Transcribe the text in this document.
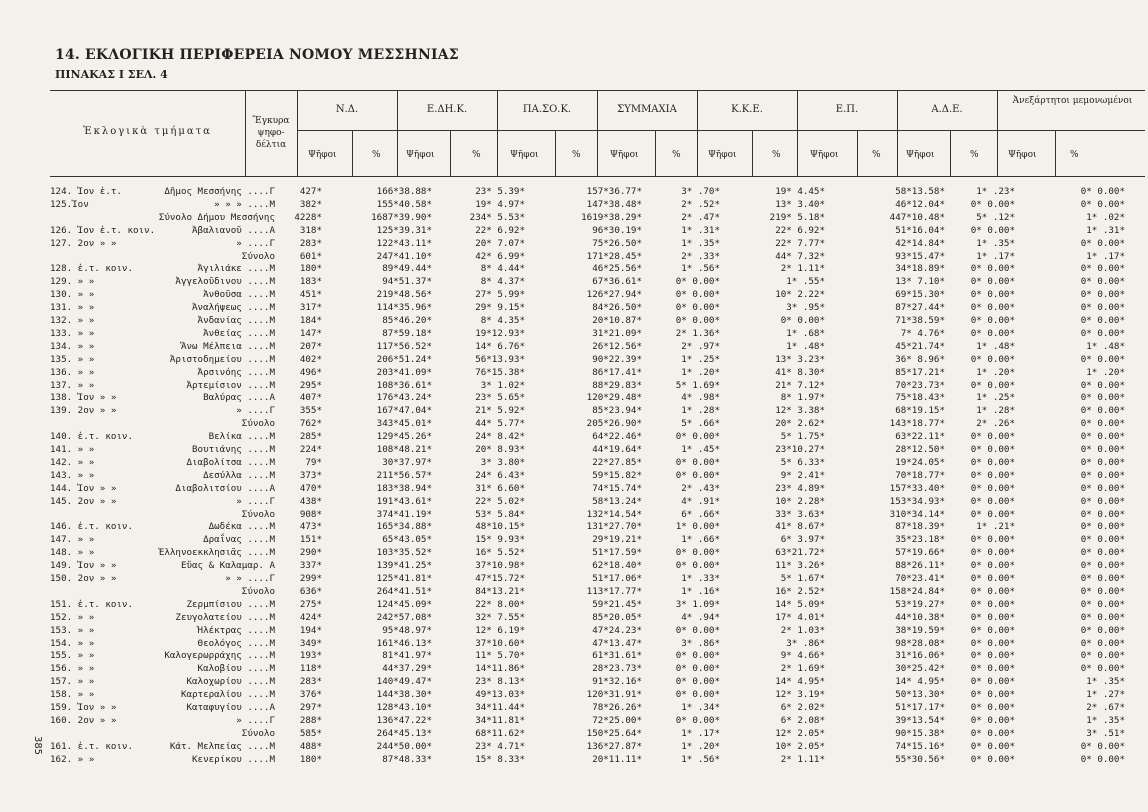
14. ΕΚΛΟΓΙΚΗ ΠΕΡΙΦΕΡΕΙΑ ΝΟΜΟΥ ΜΕΣΣΗΝΙΑΣ
ΠΙΝΑΚΑΣ Ι ΣΕΛ. 4
Ἐκλογικὰ τμήματα
Ἔγκυρα ψηφο- δέλτια
Ν.Δ.	Ε.ΔΗ.Κ.	ΠΑ.ΣΟ.Κ.	ΣΥΜΜΑΧΙΑ	Κ.Κ.Ε.	Ε.Π.	Α.Δ.Ε.
Ἀνεξάρτητοι μεμονωμένοι
Ψῆφοι	%	Ψῆφοι	%	Ψῆφοι	%	Ψῆφοι	%	Ψῆφοι	%	Ψῆφοι	%	Ψῆφοι	%	Ψῆφοι	%
124. Ἰον ἐ.τ.	Δῆμος Μεσσήνης ....Γ	427*	166*38.88*	23* 5.39*	157*36.77*	3* .70*	19* 4.45*	58*13.58*	1* .23*	0* 0.00*
125.Ἰον	» » » ....Μ	382*	155*40.58*	19* 4.97*	147*38.48*	2* .52*	13* 3.40*	46*12.04*	0* 0.00*	0* 0.00*
Σύνολο Δήμου Μεσσήνης	4228*	1687*39.90*	234* 5.53*	1619*38.29*	2* .47*	219* 5.18*	447*10.48*	5* .12*	1* .02*
126. Ἰον ἐ.τ. κοιν.	Ἀβαλιανοῦ ....Α	318*	125*39.31*	22* 6.92*	96*30.19*	1* .31*	22* 6.92*	51*16.04*	0* 0.00*	1* .31*
127. 2ον » »	» ....Γ	283*	122*43.11*	20* 7.07*	75*26.50*	1* .35*	22* 7.77*	42*14.84*	1* .35*	0* 0.00*
Σύνολο	601*	247*41.10*	42* 6.99*	171*28.45*	2* .33*	44* 7.32*	93*15.47*	1* .17*	1* .17*
128. ἐ.τ. κοιν.	Ἀγιλιάκε ....Μ	180*	89*49.44*	8* 4.44*	46*25.56*	1* .56*	2* 1.11*	34*18.89*	0* 0.00*	0* 0.00*
129. » »	Ἀγγελοῦδινου ....Μ	183*	94*51.37*	8* 4.37*	67*36.61*	0* 0.00*	1* .55*	13* 7.10*	0* 0.00*	0* 0.00*
130. » »	Ἀνθοῦσα ....Μ	451*	219*48.56*	27* 5.99*	126*27.94*	0* 0.00*	10* 2.22*	69*15.30*	0* 0.00*	0* 0.00*
131. » »	Ἀναλήψεως ....Μ	317*	114*35.96*	29* 9.15*	84*26.50*	0* 0.00*	3* .95*	87*27.44*	0* 0.00*	0* 0.00*
132. » »	Ἀνδανίας ....Μ	184*	85*46.20*	8* 4.35*	20*10.87*	0* 0.00*	0* 0.00*	71*38.59*	0* 0.00*	0* 0.00*
133. » »	Ἀνθείας ....Μ	147*	87*59.18*	19*12.93*	31*21.09*	2* 1.36*	1* .68*	7* 4.76*	0* 0.00*	0* 0.00*
134. » »	Ἄνω Μέλπεια ....Μ	207*	117*56.52*	14* 6.76*	26*12.56*	2* .97*	1* .48*	45*21.74*	1* .48*	1* .48*
135. » »	Ἀριστοδημείου ....Μ	402*	206*51.24*	56*13.93*	90*22.39*	1* .25*	13* 3.23*	36* 8.96*	0* 0.00*	0* 0.00*
136. » »	Ἀρσινόης ....Μ	496*	203*41.09*	76*15.38*	86*17.41*	1* .20*	41* 8.30*	85*17.21*	1* .20*	1* .20*
137. » »	Ἀρτεμίσιον ....Μ	295*	108*36.61*	3* 1.02*	88*29.83*	5* 1.69*	21* 7.12*	70*23.73*	0* 0.00*	0* 0.00*
138. Ἰον » »	Βαλύρας ....Α	407*	176*43.24*	23* 5.65*	120*29.48*	4* .98*	8* 1.97*	75*18.43*	1* .25*	0* 0.00*
139. 2ον » »	» ....Γ	355*	167*47.04*	21* 5.92*	85*23.94*	1* .28*	12* 3.38*	68*19.15*	1* .28*	0* 0.00*
Σύνολο	762*	343*45.01*	44* 5.77*	205*26.90*	5* .66*	20* 2.62*	143*18.77*	2* .26*	0* 0.00*
140. ἐ.τ. κοιν.	Βελίκα ....Μ	285*	129*45.26*	24* 8.42*	64*22.46*	0* 0.00*	5* 1.75*	63*22.11*	0* 0.00*	0* 0.00*
141. » »	Βουτιάνης ....Μ	224*	108*48.21*	20* 8.93*	44*19.64*	1* .45*	23*10.27*	28*12.50*	0* 0.00*	0* 0.00*
142. » »	Διαβολίτσα ....Μ	79*	30*37.97*	3* 3.80*	22*27.85*	0* 0.00*	5* 6.33*	19*24.05*	0* 0.00*	0* 0.00*
143. » »	Δεσύλλα ....Μ	373*	211*56.57*	24* 6.43*	59*15.82*	0* 0.00*	9* 2.41*	70*18.77*	0* 0.00*	0* 0.00*
144. Ἰον » »	Διαβολιτσίου ....Α	470*	183*38.94*	31* 6.60*	74*15.74*	2* .43*	23* 4.89*	157*33.40*	0* 0.00*	0* 0.00*
145. 2ον » »	» ....Γ	438*	191*43.61*	22* 5.02*	58*13.24*	4* .91*	10* 2.28*	153*34.93*	0* 0.00*	0* 0.00*
Σύνολο	908*	374*41.19*	53* 5.84*	132*14.54*	6* .66*	33* 3.63*	310*34.14*	0* 0.00*	0* 0.00*
146. ἐ.τ. κοιν.	Δωδέκα ....Μ	473*	165*34.88*	48*10.15*	131*27.70*	1* 0.00*	41* 8.67*	87*18.39*	1* .21*	0* 0.00*
147. » »	Δραΐνας ....Μ	151*	65*43.05*	15* 9.93*	29*19.21*	1* .66*	6* 3.97*	35*23.18*	0* 0.00*	0* 0.00*
148. » »	Ἑλληνοεκκλησιᾶς ....Μ	290*	103*35.52*	16* 5.52*	51*17.59*	0* 0.00*	63*21.72*	57*19.66*	0* 0.00*	0* 0.00*
149. Ἰον » »	Εὔας & Καλαμαρ. Α	337*	139*41.25*	37*10.98*	62*18.40*	0* 0.00*	11* 3.26*	88*26.11*	0* 0.00*	0* 0.00*
150. 2ον » »	» » ....Γ	299*	125*41.81*	47*15.72*	51*17.06*	1* .33*	5* 1.67*	70*23.41*	0* 0.00*	0* 0.00*
Σύνολο	636*	264*41.51*	84*13.21*	113*17.77*	1* .16*	16* 2.52*	158*24.84*	0* 0.00*	0* 0.00*
151. ἐ.τ. κοιν.	Ζερμπίσιου ....Μ	275*	124*45.09*	22* 8.00*	59*21.45*	3* 1.09*	14* 5.09*	53*19.27*	0* 0.00*	0* 0.00*
152. » »	Ζευγολατείου ....Μ	424*	242*57.08*	32* 7.55*	85*20.05*	4* .94*	17* 4.01*	44*10.38*	0* 0.00*	0* 0.00*
153. » »	Ἠλέκτρας ....Μ	194*	95*48.97*	12* 6.19*	47*24.23*	0* 0.00*	2* 1.03*	38*19.59*	0* 0.00*	0* 0.00*
154. » »	Θεολόγος ....Μ	349*	161*46.13*	37*10.60*	47*13.47*	3* .86*	3* .86*	98*28.08*	0* 0.00*	0* 0.00*
155. » »	Καλογερωρράχης ....Μ	193*	81*41.97*	11* 5.70*	61*31.61*	0* 0.00*	9* 4.66*	31*16.06*	0* 0.00*	0* 0.00*
156. » »	Καλοβίου ....Μ	118*	44*37.29*	14*11.86*	28*23.73*	0* 0.00*	2* 1.69*	30*25.42*	0* 0.00*	0* 0.00*
157. » »	Καλοχωρίου ....Μ	283*	140*49.47*	23* 8.13*	91*32.16*	0* 0.00*	14* 4.95*	14* 4.95*	0* 0.00*	1* .35*
158. » »	Καρτεραλίου ....Μ	376*	144*38.30*	49*13.03*	120*31.91*	0* 0.00*	12* 3.19*	50*13.30*	0* 0.00*	1* .27*
159. Ἰον » »	Καταφυγίου ....Α	297*	128*43.10*	34*11.44*	78*26.26*	1* .34*	6* 2.02*	51*17.17*	0* 0.00*	2* .67*
160. 2ον » »	» ....Γ	288*	136*47.22*	34*11.81*	72*25.00*	0* 0.00*	6* 2.08*	39*13.54*	0* 0.00*	1* .35*
Σύνολο	585*	264*45.13*	68*11.62*	150*25.64*	1* .17*	12* 2.05*	90*15.38*	0* 0.00*	3* .51*
161. ἐ.τ. κοιν.	Κάτ. Μελπείας ....Μ	488*	244*50.00*	23* 4.71*	136*27.87*	1* .20*	10* 2.05*	74*15.16*	0* 0.00*	0* 0.00*
162. » »	Κενερίκου ....Μ	180*	87*48.33*	15* 8.33*	20*11.11*	1* .56*	2* 1.11*	55*30.56*	0* 0.00*	0* 0.00*
385
